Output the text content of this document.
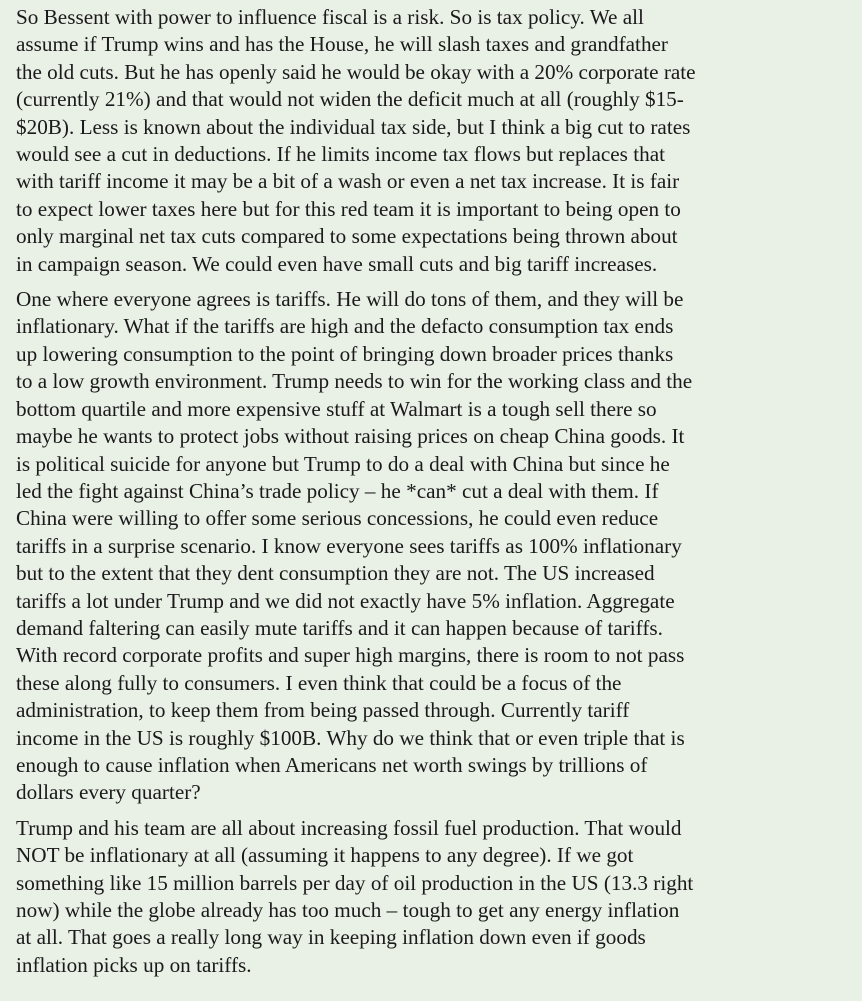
So Bessent with power to influence fiscal is a risk. So is tax policy. We all
assume if Trump wins and has the House, he will slash taxes and grandfather
the old cuts. But he has openly said he would be okay with a 20% corporate rate
(currently 21%) and that would not widen the deficit much at all (roughly $15-
$20B). Less is known about the individual tax side, but I think a big cut to rates
would see a cut in deductions. If he limits income tax flows but replaces that
with tariff income it may be a bit of a wash or even a net tax increase. It is fair
to expect lower taxes here but for this red team it is important to being open to
only marginal net tax cuts compared to some expectations being thrown about
in campaign season. We could even have small cuts and big tariff increases.

One where everyone agrees is tariffs. He will do tons of them, and they will be
inflationary. What if the tariffs are high and the defacto consumption tax ends
up lowering consumption to the point of bringing down broader prices thanks
to a low growth environment. Trump needs to win for the working class and the
bottom quartile and more expensive stuff at Walmart is a tough sell there so
maybe he wants to protect jobs without raising prices on cheap China goods. It
is political suicide for anyone but Trump to do a deal with China but since he
led the fight against China’s trade policy – he *can* cut a deal with them. If
China were willing to offer some serious concessions, he could even reduce
tariffs in a surprise scenario. I know everyone sees tariffs as 100% inflationary
but to the extent that they dent consumption they are not. The US increased
tariffs a lot under Trump and we did not exactly have 5% inflation. Aggregate
demand faltering can easily mute tariffs and it can happen because of tariffs.
With record corporate profits and super high margins, there is room to not pass
these along fully to consumers. I even think that could be a focus of the
administration, to keep them from being passed through. Currently tariff
income in the US is roughly $100B. Why do we think that or even triple that is
enough to cause inflation when Americans net worth swings by trillions of
dollars every quarter?

Trump and his team are all about increasing fossil fuel production. That would
NOT be inflationary at all (assuming it happens to any degree). If we got
something like 15 million barrels per day of oil production in the US (13.3 right
now) while the globe already has too much – tough to get any energy inflation
at all. That goes a really long way in keeping inflation down even if goods
inflation picks up on tariffs.
